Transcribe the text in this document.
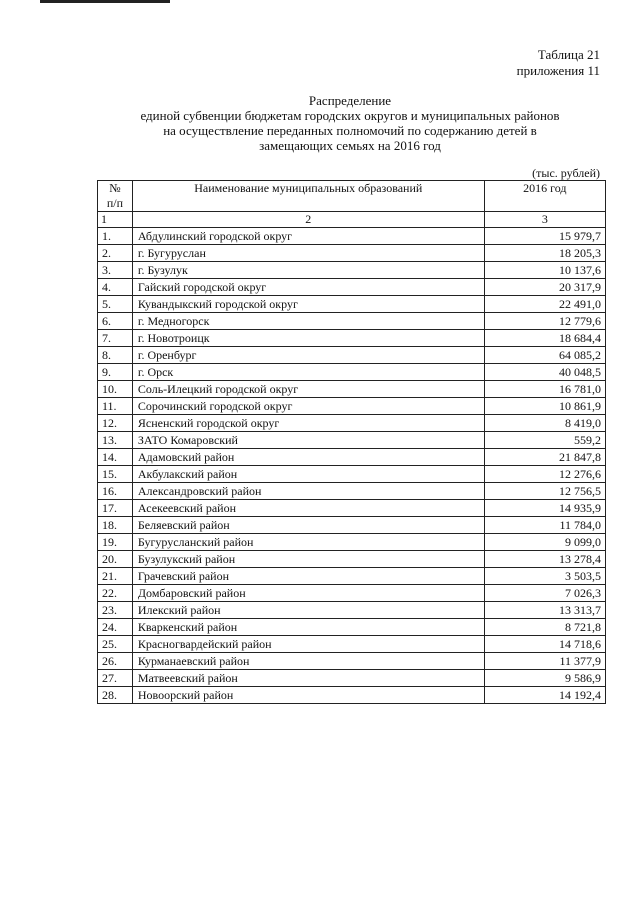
Таблица 21
приложения 11
Распределение
единой субвенции бюджетам городских округов и муниципальных районов
на осуществление переданных полномочий по содержанию детей в
замещающих семьях на 2016 год
(тыс. рублей)
№
п/п	Наименование муниципальных образований	2016 год
1	2	3
1.	Абдулинский городской округ	15 979,7
2.	г. Бугуруслан	18 205,3
3.	г. Бузулук	10 137,6
4.	Гайский городской округ	20 317,9
5.	Кувандыкский городской округ	22 491,0
6.	г. Медногорск	12 779,6
7.	г. Новотроицк	18 684,4
8.	г. Оренбург	64 085,2
9.	г. Орск	40 048,5
10.	Соль-Илецкий городской округ	16 781,0
11.	Сорочинский городской округ	10 861,9
12.	Ясненский городской округ	8 419,0
13.	ЗАТО Комаровский	559,2
14.	Адамовский район	21 847,8
15.	Акбулакский район	12 276,6
16.	Александровский район	12 756,5
17.	Асекеевский район	14 935,9
18.	Беляевский район	11 784,0
19.	Бугурусланский район	9 099,0
20.	Бузулукский район	13 278,4
21.	Грачевский район	3 503,5
22.	Домбаровский район	7 026,3
23.	Илекский район	13 313,7
24.	Кваркенский район	8 721,8
25.	Красногвардейский район	14 718,6
26.	Курманаевский район	11 377,9
27.	Матвеевский район	9 586,9
28.	Новоорский район	14 192,4
